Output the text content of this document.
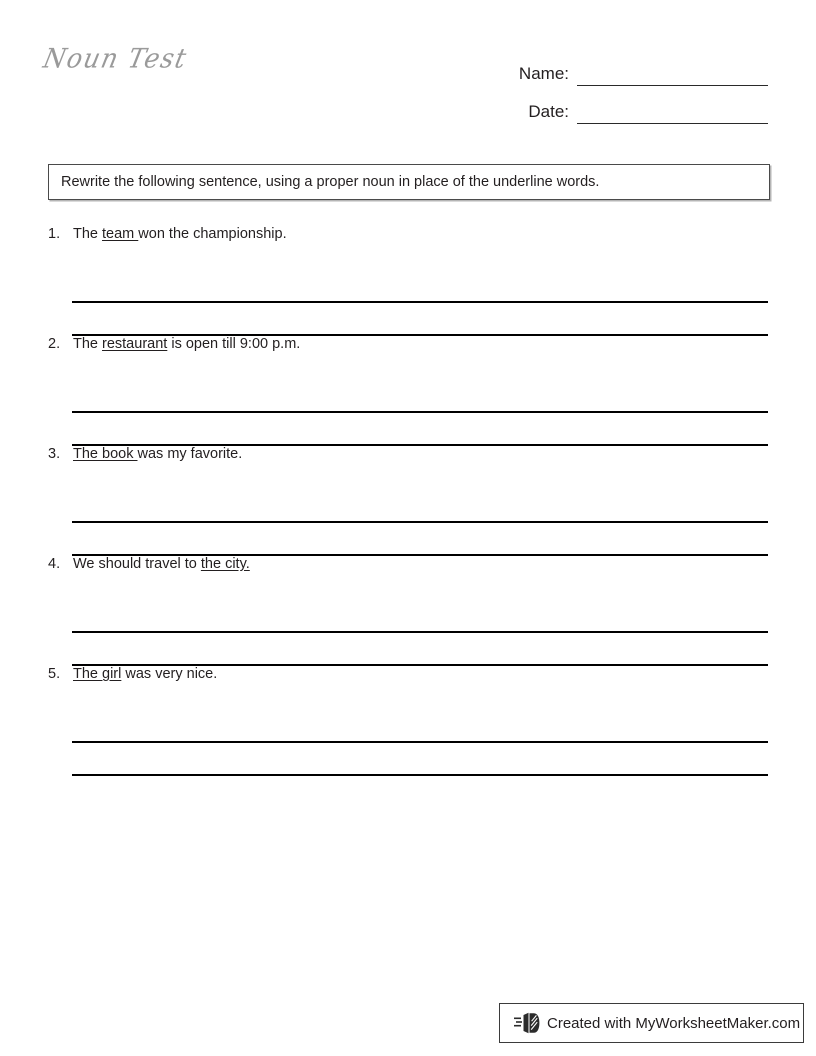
Noun Test	Name:
Date:
Rewrite the following sentence, using a proper noun in place of the underline words.
1. The team won the championship.
2. The restaurant is open till 9:00 p.m.
3. The book was my favorite.
4. We should travel to the city.
5. The girl was very nice.
Created with MyWorksheetMaker.com
